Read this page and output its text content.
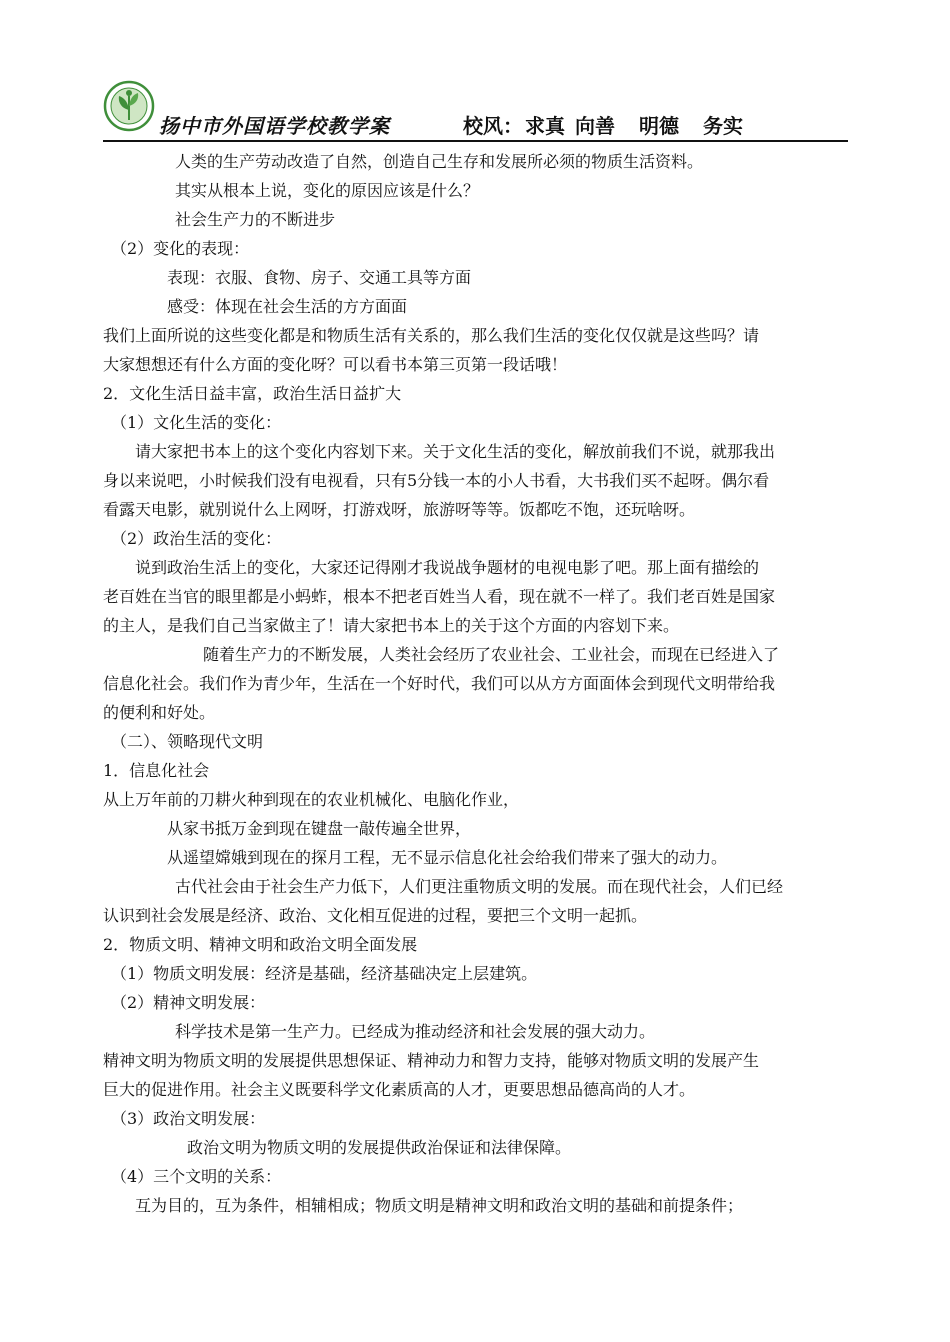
扬中市外国语学校教学案	校风： 求真 向善 明德 务实
人类的生产劳动改造了自然，创造自己生存和发展所必须的物质生活资料。
其实从根本上说，变化的原因应该是什么？
社会生产力的不断进步
（2）变化的表现：
表现：衣服、食物、房子、交通工具等方面
感受：体现在社会生活的方方面面
我们上面所说的这些变化都是和物质生活有关系的，那么我们生活的变化仅仅就是这些吗？请
大家想想还有什么方面的变化呀？可以看书本第三页第一段话哦！
2．文化生活日益丰富，政治生活日益扩大
（1）文化生活的变化：
请大家把书本上的这个变化内容划下来。关于文化生活的变化，解放前我们不说，就那我出
身以来说吧，小时候我们没有电视看，只有5分钱一本的小人书看，大书我们买不起呀。偶尔看
看露天电影，就别说什么上网呀，打游戏呀，旅游呀等等。饭都吃不饱，还玩啥呀。
（2）政治生活的变化：
说到政治生活上的变化，大家还记得刚才我说战争题材的电视电影了吧。那上面有描绘的
老百姓在当官的眼里都是小蚂蚱，根本不把老百姓当人看，现在就不一样了。我们老百姓是国家
的主人，是我们自己当家做主了！请大家把书本上的关于这个方面的内容划下来。
随着生产力的不断发展，人类社会经历了农业社会、工业社会，而现在已经进入了
信息化社会。我们作为青少年，生活在一个好时代，我们可以从方方面面体会到现代文明带给我
的便利和好处。
（二）、领略现代文明
1．信息化社会
从上万年前的刀耕火种到现在的农业机械化、电脑化作业，
从家书抵万金到现在键盘一敲传遍全世界，
从遥望嫦娥到现在的探月工程，无不显示信息化社会给我们带来了强大的动力。
古代社会由于社会生产力低下，人们更注重物质文明的发展。而在现代社会，人们已经
认识到社会发展是经济、政治、文化相互促进的过程，要把三个文明一起抓。
2．物质文明、精神文明和政治文明全面发展
（1）物质文明发展：经济是基础，经济基础决定上层建筑。
（2）精神文明发展：
科学技术是第一生产力。已经成为推动经济和社会发展的强大动力。
精神文明为物质文明的发展提供思想保证、精神动力和智力支持，能够对物质文明的发展产生
巨大的促进作用。社会主义既要科学文化素质高的人才，更要思想品德高尚的人才。
（3）政治文明发展：
政治文明为物质文明的发展提供政治保证和法律保障。
（4）三个文明的关系：
互为目的，互为条件，相辅相成；物质文明是精神文明和政治文明的基础和前提条件；
